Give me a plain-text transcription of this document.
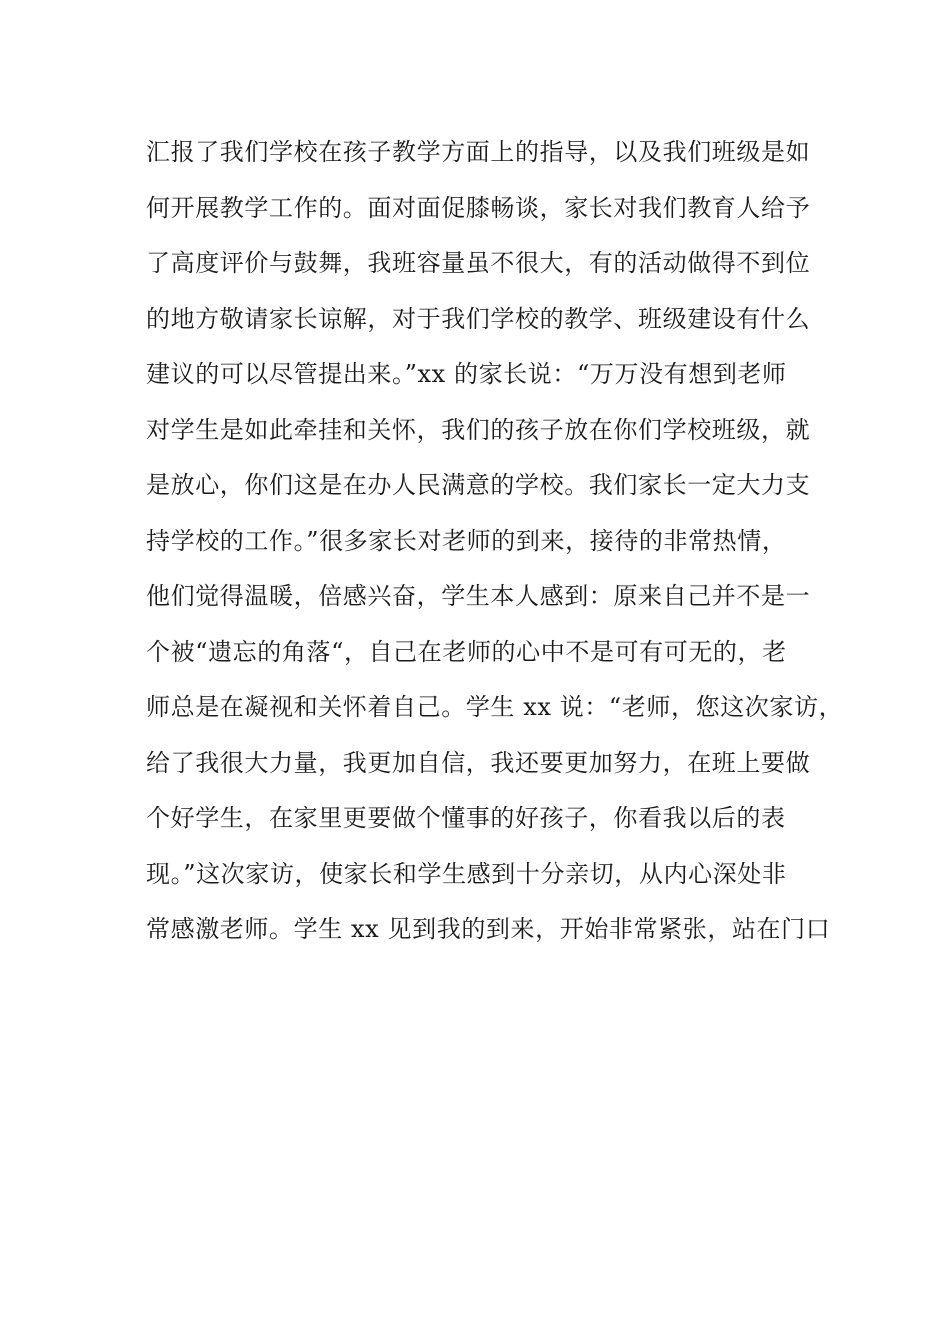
汇报了我们学校在孩子教学方面上的指导，以及我们班级是如
何开展教学工作的。面对面促膝畅谈，家长对我们教育人给予
了高度评价与鼓舞，我班容量虽不很大，有的活动做得不到位
的地方敬请家长谅解，对于我们学校的教学、班级建设有什么
建议的可以尽管提出来。”xx 的家长说：“万万没有想到老师
对学生是如此牵挂和关怀，我们的孩子放在你们学校班级，就
是放心，你们这是在办人民满意的学校。我们家长一定大力支
持学校的工作。”很多家长对老师的到来，接待的非常热情，
他们觉得温暖，倍感兴奋，学生本人感到：原来自己并不是一
个被“遗忘的角落“，自己在老师的心中不是可有可无的，老
师总是在凝视和关怀着自己。学生 xx 说：“老师，您这次家访，
给了我很大力量，我更加自信，我还要更加努力，在班上要做
个好学生，在家里更要做个懂事的好孩子，你看我以后的表
现。”这次家访，使家长和学生感到十分亲切，从内心深处非
常感激老师。学生 xx 见到我的到来，开始非常紧张，站在门口
